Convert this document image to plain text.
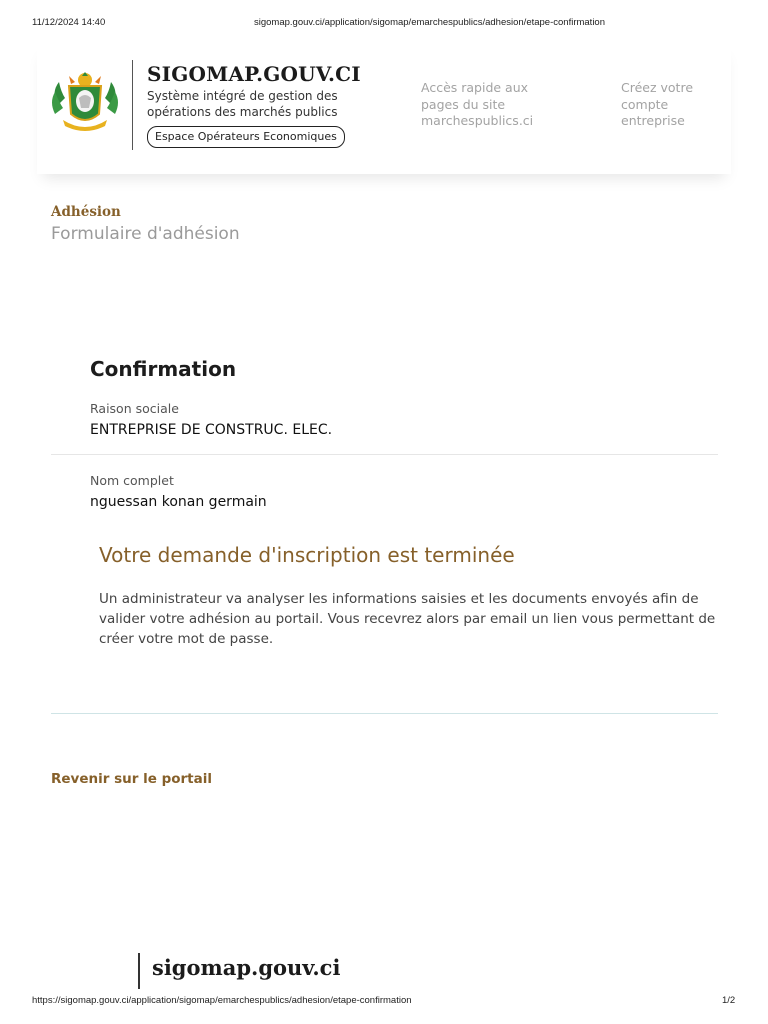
11/12/2024 14:40	sigomap.gouv.ci/application/sigomap/emarchespublics/adhesion/etape-confirmation
SIGOMAP.GOUV.CI
Système intégré de gestion des
opérations des marchés publics
Espace Opérateurs Economiques
Accès rapide aux pages du site marchespublics.ci
Créez votre compte entreprise
Adhésion
Formulaire d'adhésion
Confirmation
Raison sociale
ENTREPRISE DE CONSTRUC. ELEC.
Nom complet
nguessan konan germain
Votre demande d'inscription est terminée
Un administrateur va analyser les informations saisies et les documents envoyés afin de valider votre adhésion au portail. Vous recevrez alors par email un lien vous permettant de créer votre mot de passe.
Revenir sur le portail
sigomap.gouv.ci
https://sigomap.gouv.ci/application/sigomap/emarchespublics/adhesion/etape-confirmation	1/2
